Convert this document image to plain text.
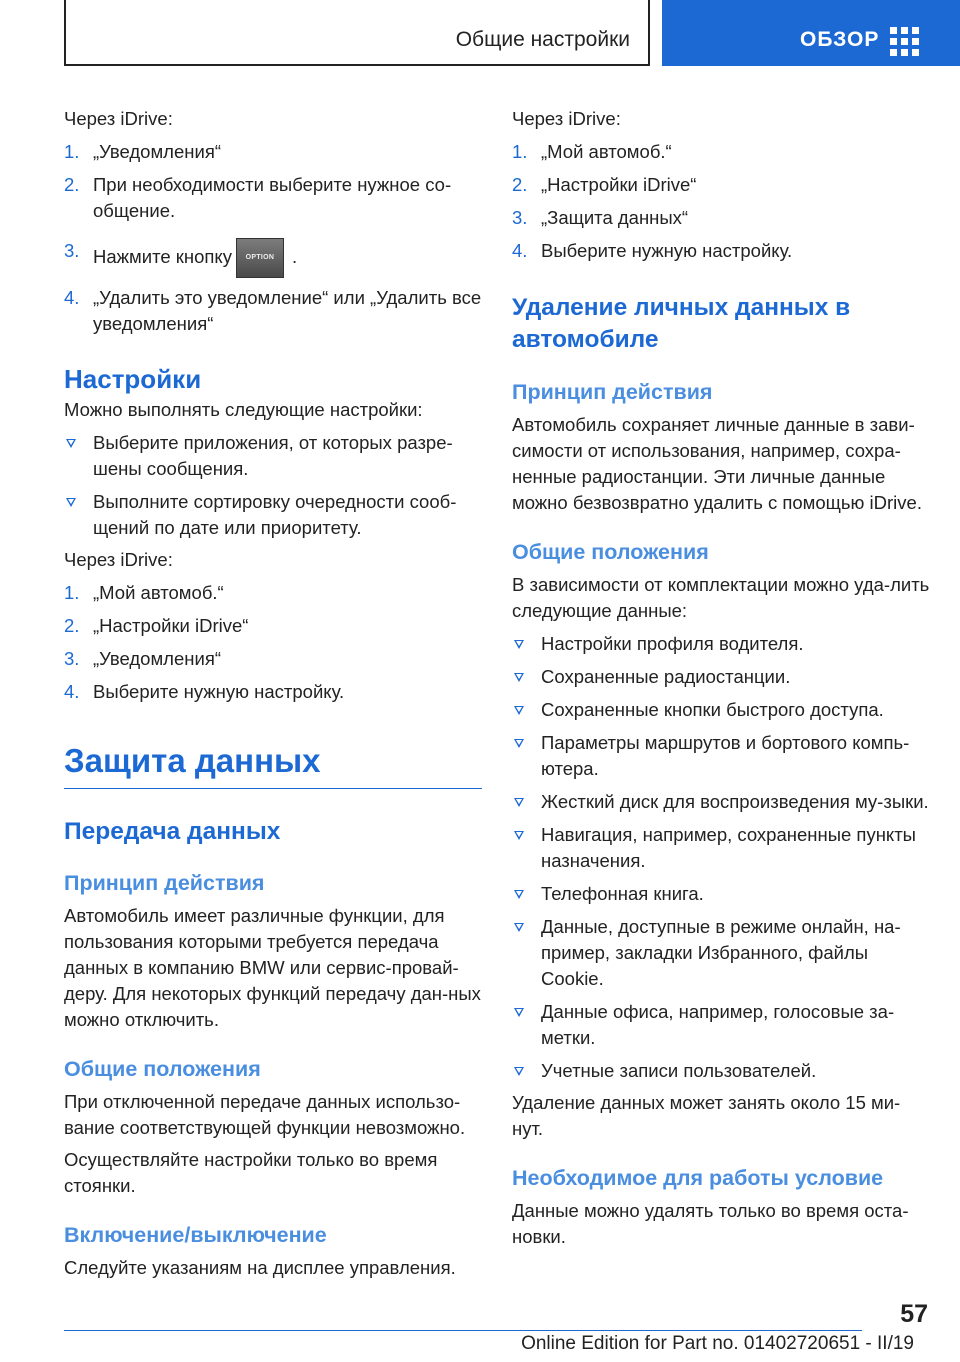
Общие настройки	ОБЗОР
Через iDrive:
1. „Уведомления“
2. При необходимости выберите нужное со-общение.
3. Нажмите кнопку OPTION .
4. „Удалить это уведомление“ или „Удалить все уведомления“
Настройки

Можно выполнять следующие настройки:

Выберите приложения, от которых разре-шены сообщения.
Выполните сортировку очередности сооб-щений по дате или приоритету.
Через iDrive:
1. „Мой автомоб.“
2. „Настройки iDrive“
3. „Уведомления“
4. Выберите нужную настройку.
Защита данных
Передача данных
Принцип действия

Автомобиль имеет различные функции, для пользования которыми требуется передача данных в компанию BMW или сервис-провай-деру. Для некоторых функций передачу дан-ных можно отключить.

Общие положения

При отключенной передаче данных использо-вание соответствующей функции невозможно.

Осуществляйте настройки только во время стоянки.

Включение/выключение

Следуйте указаниям на дисплее управления.

Через iDrive:
1. „Мой автомоб.“
2. „Настройки iDrive“
3. „Защита данных“
4. Выберите нужную настройку.
Удаление личных данных в автомобиле
Принцип действия

Автомобиль сохраняет личные данные в зави-симости от использования, например, сохра-ненные радиостанции. Эти личные данные можно безвозвратно удалить с помощью iDrive.

Общие положения

В зависимости от комплектации можно уда-лить следующие данные:

Настройки профиля водителя.
Сохраненные радиостанции.
Сохраненные кнопки быстрого доступа.
Параметры маршрутов и бортового компь-ютера.
Жесткий диск для воспроизведения му-зыки.
Навигация, например, сохраненные пункты назначения.
Телефонная книга.
Данные, доступные в режиме онлайн, на-пример, закладки Избранного, файлы Cookie.
Данные офиса, например, голосовые за-метки.
Учетные записи пользователей.

Удаление данных может занять около 15 ми-нут.

Необходимое для работы условие

Данные можно удалять только во время оста-новки.

57
Online Edition for Part no. 01402720651 - II/19
